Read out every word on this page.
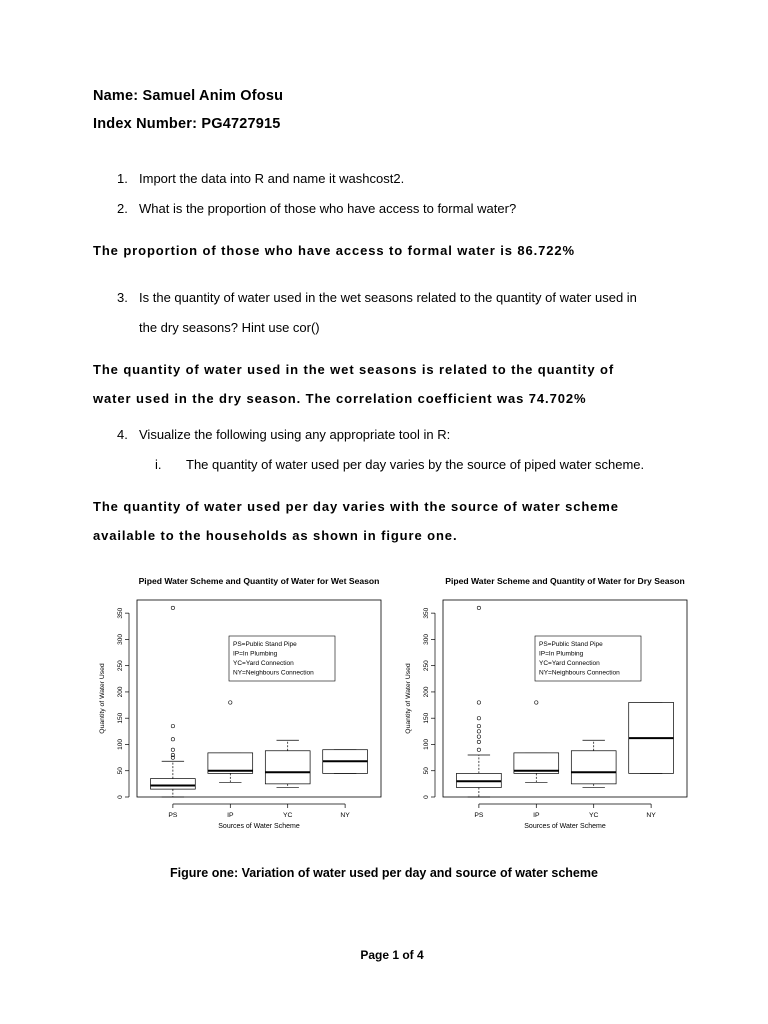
Name: Samuel Anim Ofosu
Index Number: PG4727915
1. Import the data into R and name it washcost2.
2. What is the proportion of those who have access to formal water?
The proportion of those who have access to formal water is 86.722%
3. Is the quantity of water used in the wet seasons related to the quantity of water used in
the dry seasons? Hint use cor()
The quantity of water used in the wet seasons is related to the quantity of
water used in the dry season. The correlation coefficient was 74.702%
4. Visualize the following using any appropriate tool in R:
i. The quantity of water used per day varies by the source of piped water scheme.
The quantity of water used per day varies with the source of water scheme
available to the households as shown in figure one.
Piped Water Scheme and Quantity of Water for Wet Season
0
50
100
150
200
250
300
350
Quantity of Water Used
PS	IP	YC	NY
Sources of Water Scheme
PS=Public Stand Pipe
IP=In Plumbing
YC=Yard Connection
NY=Neighbours Connection
Piped Water Scheme and Quantity of Water for Dry Season
0
50
100
150
200
250
300
350
Quantity of Water Used
PS	IP	YC	NY
Sources of Water Scheme
PS=Public Stand Pipe
IP=In Plumbing
YC=Yard Connection
NY=Neighbours Connection
Figure one: Variation of water used per day and source of water scheme
Page 1 of 4
